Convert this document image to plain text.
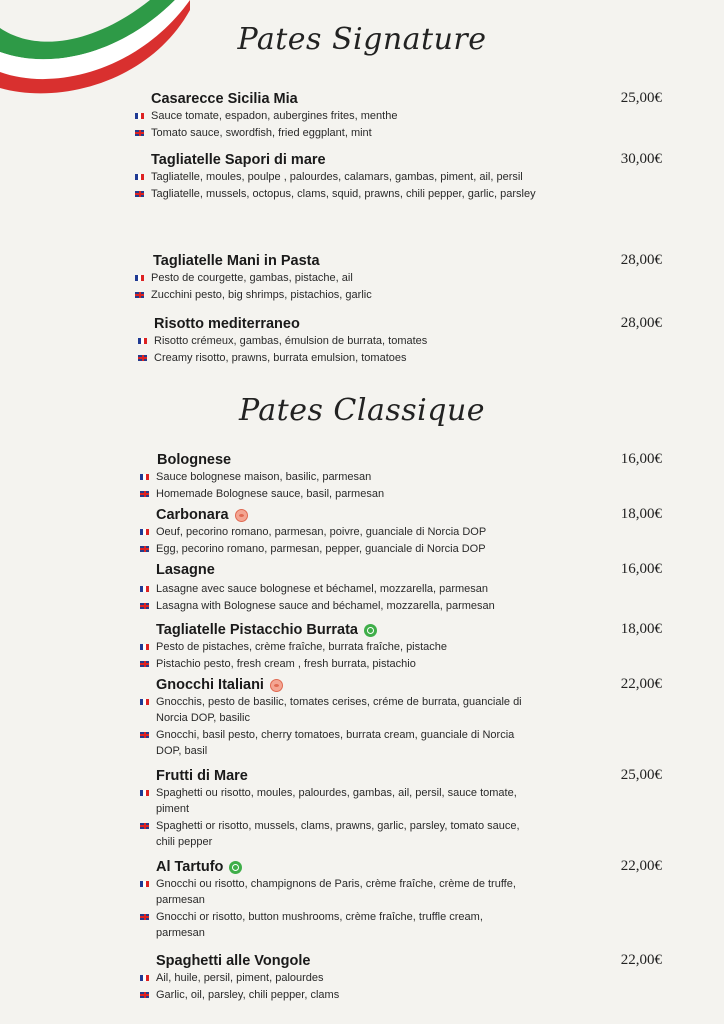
Pates Signature
Pates Classique
Casarecce Sicilia Mia
Sauce tomate, espadon, aubergines frites, menthe
Tomato sauce, swordfish, fried eggplant, mint
25,00€
Tagliatelle Sapori di mare
Tagliatelle, moules, poulpe , palourdes, calamars, gambas, piment, ail, persil
Tagliatelle, mussels, octopus, clams, squid, prawns, chili pepper, garlic, parsley
30,00€
Tagliatelle Mani in Pasta
Pesto de courgette, gambas, pistache, ail
Zucchini pesto, big shrimps, pistachios, garlic
28,00€
Risotto mediterraneo
Risotto crémeux, gambas, émulsion de burrata, tomates
Creamy risotto, prawns, burrata emulsion, tomatoes
28,00€
Bolognese
Sauce bolognese maison, basilic, parmesan
Homemade Bolognese sauce, basil, parmesan
16,00€
Carbonara
Oeuf, pecorino romano, parmesan, poivre, guanciale di Norcia DOP
Egg, pecorino romano, parmesan, pepper, guanciale di Norcia DOP
18,00€
Lasagne
Lasagne avec sauce bolognese et béchamel, mozzarella, parmesan
Lasagna with Bolognese sauce and béchamel, mozzarella, parmesan
16,00€
Tagliatelle Pistacchio Burrata
Pesto de pistaches, crème fraîche, burrata fraîche, pistache
Pistachio pesto, fresh cream , fresh burrata, pistachio
18,00€
Gnocchi Italiani
Gnocchis, pesto de basilic, tomates cerises, créme de burrata, guanciale di Norcia DOP, basilic
Gnocchi, basil pesto, cherry tomatoes, burrata cream, guanciale di Norcia DOP, basil
22,00€
Frutti di Mare
Spaghetti ou risotto, moules, palourdes, gambas, ail, persil, sauce tomate, piment
Spaghetti or risotto, mussels, clams, prawns, garlic, parsley, tomato sauce, chili pepper
25,00€
Al Tartufo
Gnocchi ou risotto, champignons de Paris, crème fraîche, crème de truffe, parmesan
Gnocchi or risotto, button mushrooms, crème fraîche, truffle cream, parmesan
22,00€
Spaghetti alle Vongole
Ail, huile, persil, piment, palourdes
Garlic, oil, parsley, chili pepper, clams
22,00€
